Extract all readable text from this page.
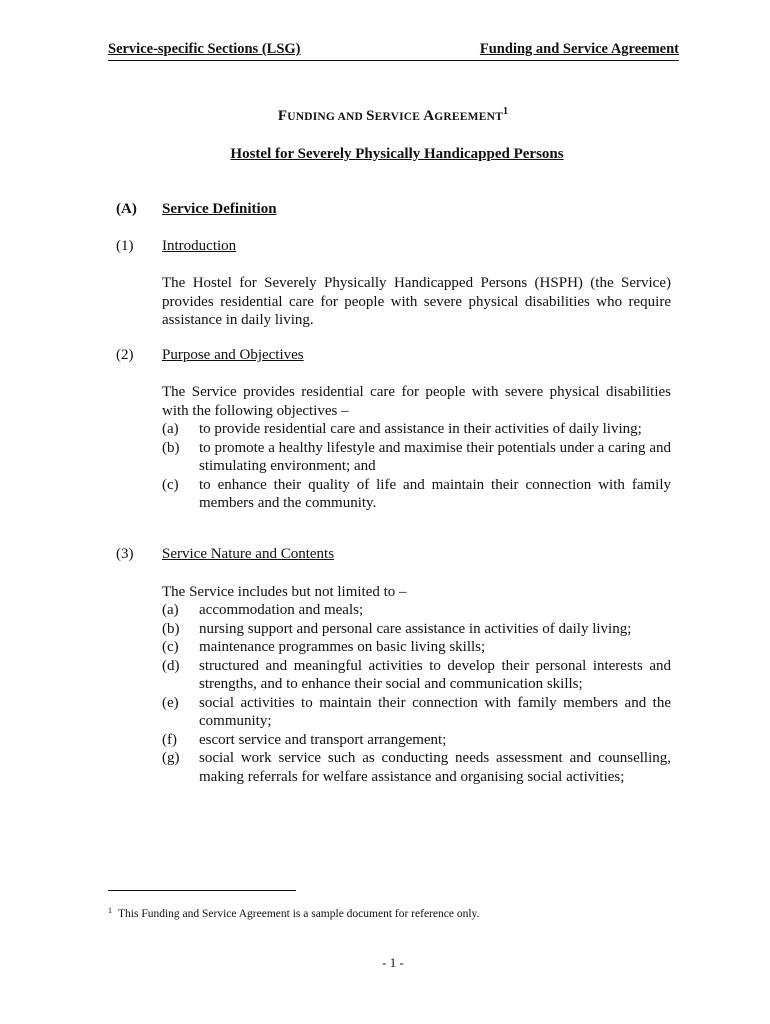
Service-specific Sections (LSG)	Funding and Service Agreement
FUNDING AND SERVICE AGREEMENT$^1$
Hostel for Severely Physically Handicapped Persons
(A) Service Definition
(1) Introduction
The Hostel for Severely Physically Handicapped Persons (HSPH) (the Service) provides residential care for people with severe physical disabilities who require assistance in daily living.
(2) Purpose and Objectives
The Service provides residential care for people with severe physical disabilities with the following objectives –
(a) to provide residential care and assistance in their activities of daily living;
(b) to promote a healthy lifestyle and maximise their potentials under a caring and stimulating environment; and
(c) to enhance their quality of life and maintain their connection with family members and the community.
(3) Service Nature and Contents
The Service includes but not limited to –
(a) accommodation and meals;
(b) nursing support and personal care assistance in activities of daily living;
(c) maintenance programmes on basic living skills;
(d) structured and meaningful activities to develop their personal interests and strengths, and to enhance their social and communication skills;
(e) social activities to maintain their connection with family members and the community;
(f) escort service and transport arrangement;
(g) social work service such as conducting needs assessment and counselling, making referrals for welfare assistance and organising social activities;
$^1$ This Funding and Service Agreement is a sample document for reference only.
- 1 -
